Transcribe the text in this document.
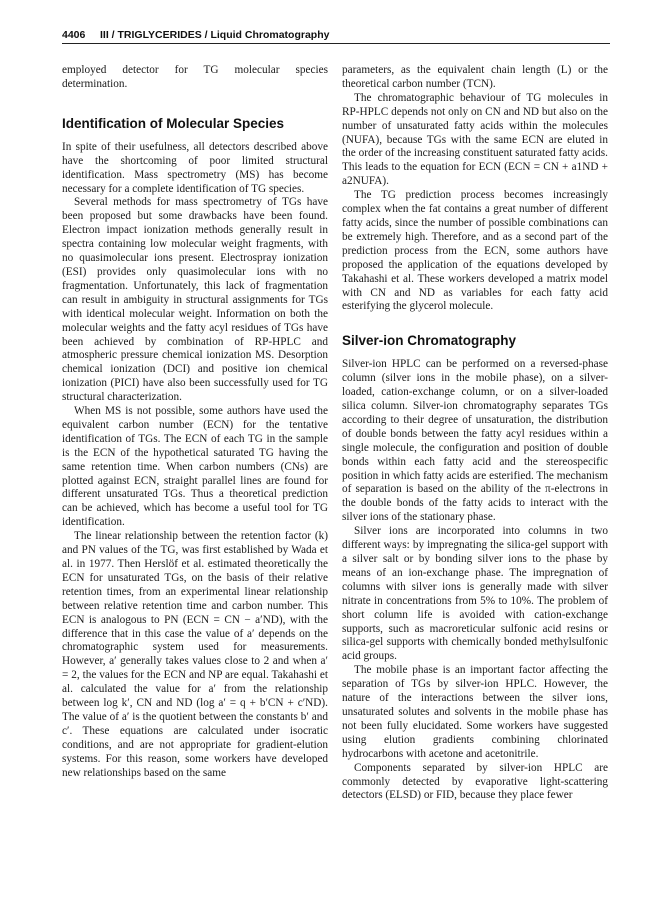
4406 III / TRIGLYCERIDES / Liquid Chromatography

employed detector for TG molecular species determination.

Identification of Molecular Species

In spite of their usefulness, all detectors described above have the shortcoming of poor limited structural identification. Mass spectrometry (MS) has become necessary for a complete identification of TG species.

Several methods for mass spectrometry of TGs have been proposed but some drawbacks have been found. Electron impact ionization methods generally result in spectra containing low molecular weight fragments, with no quasimolecular ions present. Electrospray ionization (ESI) provides only quasimolecular ions with no fragmentation. Unfortunately, this lack of fragmentation can result in ambiguity in structural assignments for TGs with identical molecular weight. Information on both the molecular weights and the fatty acyl residues of TGs have been achieved by combination of RP-HPLC and atmospheric pressure chemical ionization MS. Desorption chemical ionization (DCI) and positive ion chemical ionization (PICI) have also been successfully used for TG structural characterization.

When MS is not possible, some authors have used the equivalent carbon number (ECN) for the tentative identification of TGs. The ECN of each TG in the sample is the ECN of the hypothetical saturated TG having the same retention time. When carbon numbers (CNs) are plotted against ECN, straight parallel lines are found for different unsaturated TGs. Thus a theoretical prediction can be achieved, which has become a useful tool for TG identification.

The linear relationship between the retention factor (k) and PN values of the TG, was first established by Wada et al. in 1977. Then Herslöf et al. estimated theoretically the ECN for unsaturated TGs, on the basis of their relative retention times, from an experimental linear relationship between relative retention time and carbon number. This ECN is analogous to PN (ECN = CN − a′ND), with the difference that in this case the value of a′ depends on the chromatographic system used for measurements. However, a′ generally takes values close to 2 and when a′ = 2, the values for the ECN and NP are equal. Takahashi et al. calculated the value for a′ from the relationship between log k′, CN and ND (log a′ = q + b′CN + c′ND). The value of a′ is the quotient between the constants b′ and c′. These equations are calculated under isocratic conditions, and are not appropriate for gradient-elution systems. For this reason, some workers have developed new relationships based on the same

parameters, as the equivalent chain length (L) or the theoretical carbon number (TCN).

The chromatographic behaviour of TG molecules in RP-HPLC depends not only on CN and ND but also on the number of unsaturated fatty acids within the molecules (NUFA), because TGs with the same ECN are eluted in the order of the increasing constituent saturated fatty acids. This leads to the equation for ECN (ECN = CN + a1ND + a2NUFA).

The TG prediction process becomes increasingly complex when the fat contains a great number of different fatty acids, since the number of possible combinations can be extremely high. Therefore, and as a second part of the prediction process from the ECN, some authors have proposed the application of the equations developed by Takahashi et al. These workers developed a matrix model with CN and ND as variables for each fatty acid esterifying the glycerol molecule.

Silver-ion Chromatography

Silver-ion HPLC can be performed on a reversed-phase column (silver ions in the mobile phase), on a silver-loaded, cation-exchange column, or on a silver-loaded silica column. Silver-ion chromatography separates TGs according to their degree of unsaturation, the distribution of double bonds between the fatty acyl residues within a single molecule, the configuration and position of double bonds within each fatty acid and the stereospecific position in which fatty acids are esterified. The mechanism of separation is based on the ability of the π-electrons in the double bonds of the fatty acids to interact with the silver ions of the stationary phase.

Silver ions are incorporated into columns in two different ways: by impregnating the silica-gel support with a silver salt or by bonding silver ions to the phase by means of an ion-exchange phase. The impregnation of columns with silver ions is generally made with silver nitrate in concentrations from 5% to 10%. The problem of short column life is avoided with cation-exchange supports, such as macroreticular sulfonic acid resins or silica-gel supports with chemically bonded methylsulfonic acid groups.

The mobile phase is an important factor affecting the separation of TGs by silver-ion HPLC. However, the nature of the interactions between the silver ions, unsaturated solutes and solvents in the mobile phase has not been fully elucidated. Some workers have suggested using elution gradients combining chlorinated hydrocarbons with acetone and acetonitrile.

Components separated by silver-ion HPLC are commonly detected by evaporative light-scattering detectors (ELSD) or FID, because they place fewer
